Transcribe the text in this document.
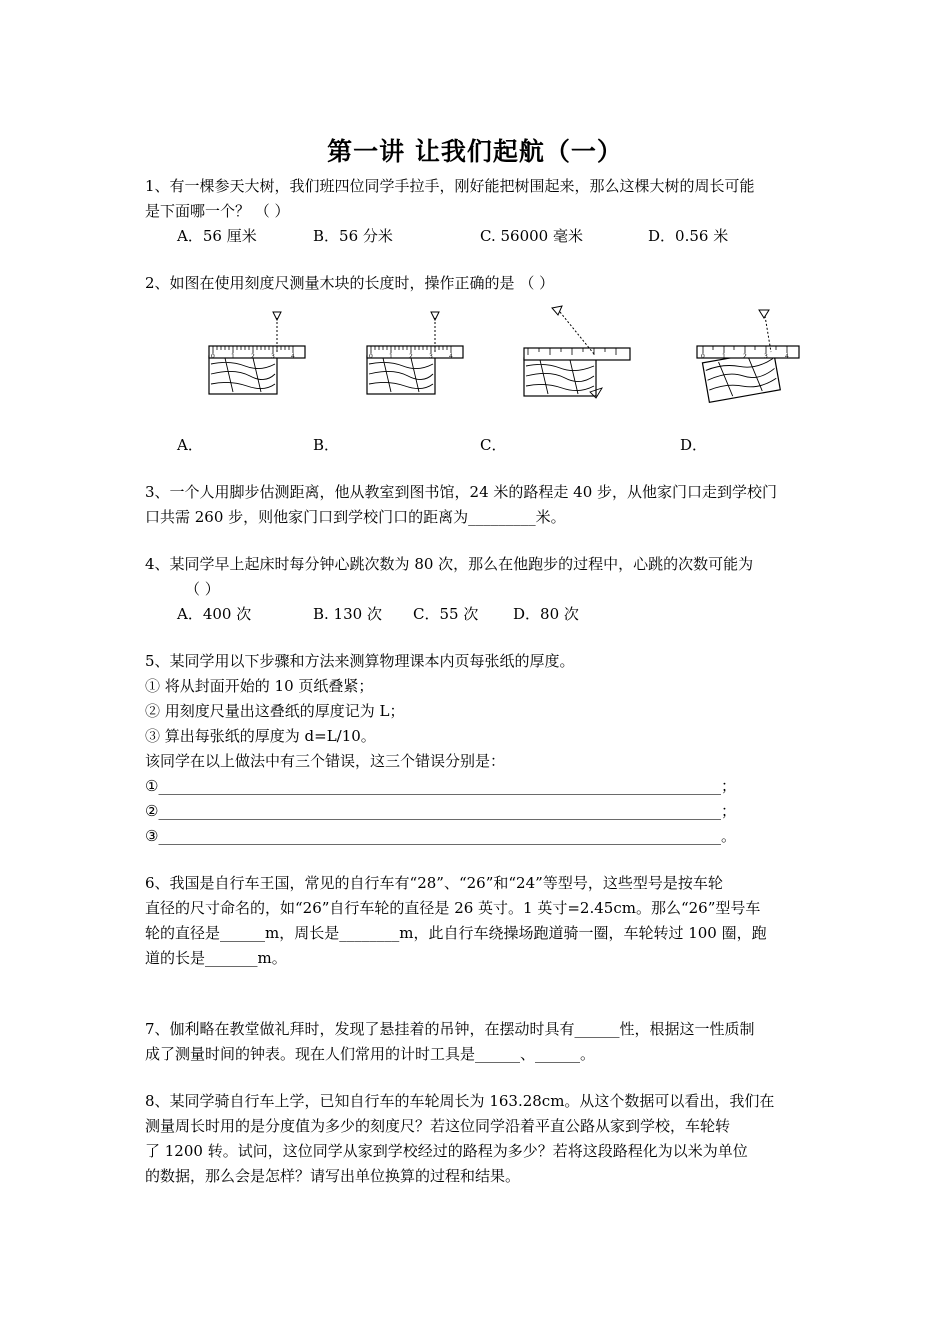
第一讲 让我们起航（一）

1、有一棵参天大树，我们班四位同学手拉手，刚好能把树围起来，那么这棵大树的周长可能

是下面哪一个？ （ ）

A．56 厘米	B．56 分米	C. 56000 毫米	D．0.56 米

2、如图在使用刻度尺测量木块的长度时，操作正确的是 （ ）

0	1	2	3	4	0	1	2	3	4	0	1	2	3	4
A．	B．	C．	D．

3、一个人用脚步估测距离，他从教室到图书馆，24 米的路程走 40 步，从他家门口走到学校门

口共需 260 步，则他家门口到学校门口的距离为_________米。

4、某同学早上起床时每分钟心跳次数为 80 次，那么在他跑步的过程中，心跳的次数可能为

（ ）

A．400 次	B. 130 次 C．55 次 D．80 次

5、某同学用以下步骤和方法来测算物理课本内页每张纸的厚度。

① 将从封面开始的 10 页纸叠紧；

② 用刻度尺量出这叠纸的厚度记为 L；

③ 算出每张纸的厚度为 d=L/10。

该同学在以上做法中有三个错误，这三个错误分别是：

①___________________________________________________________________________；

②___________________________________________________________________________；

③___________________________________________________________________________。

6、我国是自行车王国，常见的自行车有“28”、“26”和“24”等型号，这些型号是按车轮

直径的尺寸命名的，如“26”自行车轮的直径是 26 英寸。1 英寸=2.45cm。那么“26”型号车

轮的直径是______m，周长是________m，此自行车绕操场跑道骑一圈，车轮转过 100 圈，跑

道的长是_______m。

7、伽利略在教堂做礼拜时，发现了悬挂着的吊钟，在摆动时具有______性，根据这一性质制

成了测量时间的钟表。现在人们常用的计时工具是______、______。

8、某同学骑自行车上学，已知自行车的车轮周长为 163.28cm。从这个数据可以看出，我们在

测量周长时用的是分度值为多少的刻度尺？若这位同学沿着平直公路从家到学校，车轮转

了 1200 转。试问，这位同学从家到学校经过的路程为多少？若将这段路程化为以米为单位

的数据，那么会是怎样？请写出单位换算的过程和结果。
